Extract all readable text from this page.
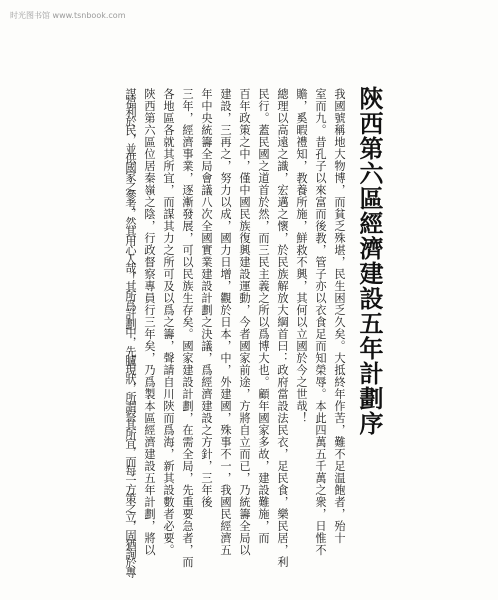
时光图书馆 www.tsnbook.com
陝西第六區經濟建設五年計劃序
我國號稱地大物博，而貧乏殊堪，民生困乏久矣。大抵終年作苦，難不足温飽者，殆十
室而九。昔孔子以來富而後教，管子亦以衣食足而知榮辱。本此四萬五千萬之衆，日惟不
贍，奚暇禮知，教養所施，鮮救不興，其何以立國於今之世哉！
總理以高遠之識，宏邁之懷，於民族解放大綱首曰：政府當設法民衣，足民食，樂民居，利
民行。蓋民國之道首於然，而三民主義之所以爲博大也。顧年國家多故，建設難施，而
百年政策之中，僅中國民族復興建設運動，今者國家前途，方將自立而已，乃統籌全局以
建設，三再之，努力以成，國力日增，觀於日本，中，外建國，殊事不一，我國民經濟五
年中央統籌全局會議八次全國實業建設計劃之決議，爲經濟建設之方針，三年後
三年，經濟事業，逐漸發展，可以民族生存矣。國家建設計劃，在需全局，先重要急者，而
各地區各就其所宜，而謀其力之所可及以爲之籌，聲請自川陝而爲海，新其設數者必要。
陝西第六區位居秦嶺之陰，行政督察專員行三年矣，乃爲製本區經濟建設五年計劃，將以
謀福利於民，並供國家之參考，然其用心人哉！其所爲計劃中，先臚現狀，所謂察其所宜，而每一方策之立，固猶詢於專
